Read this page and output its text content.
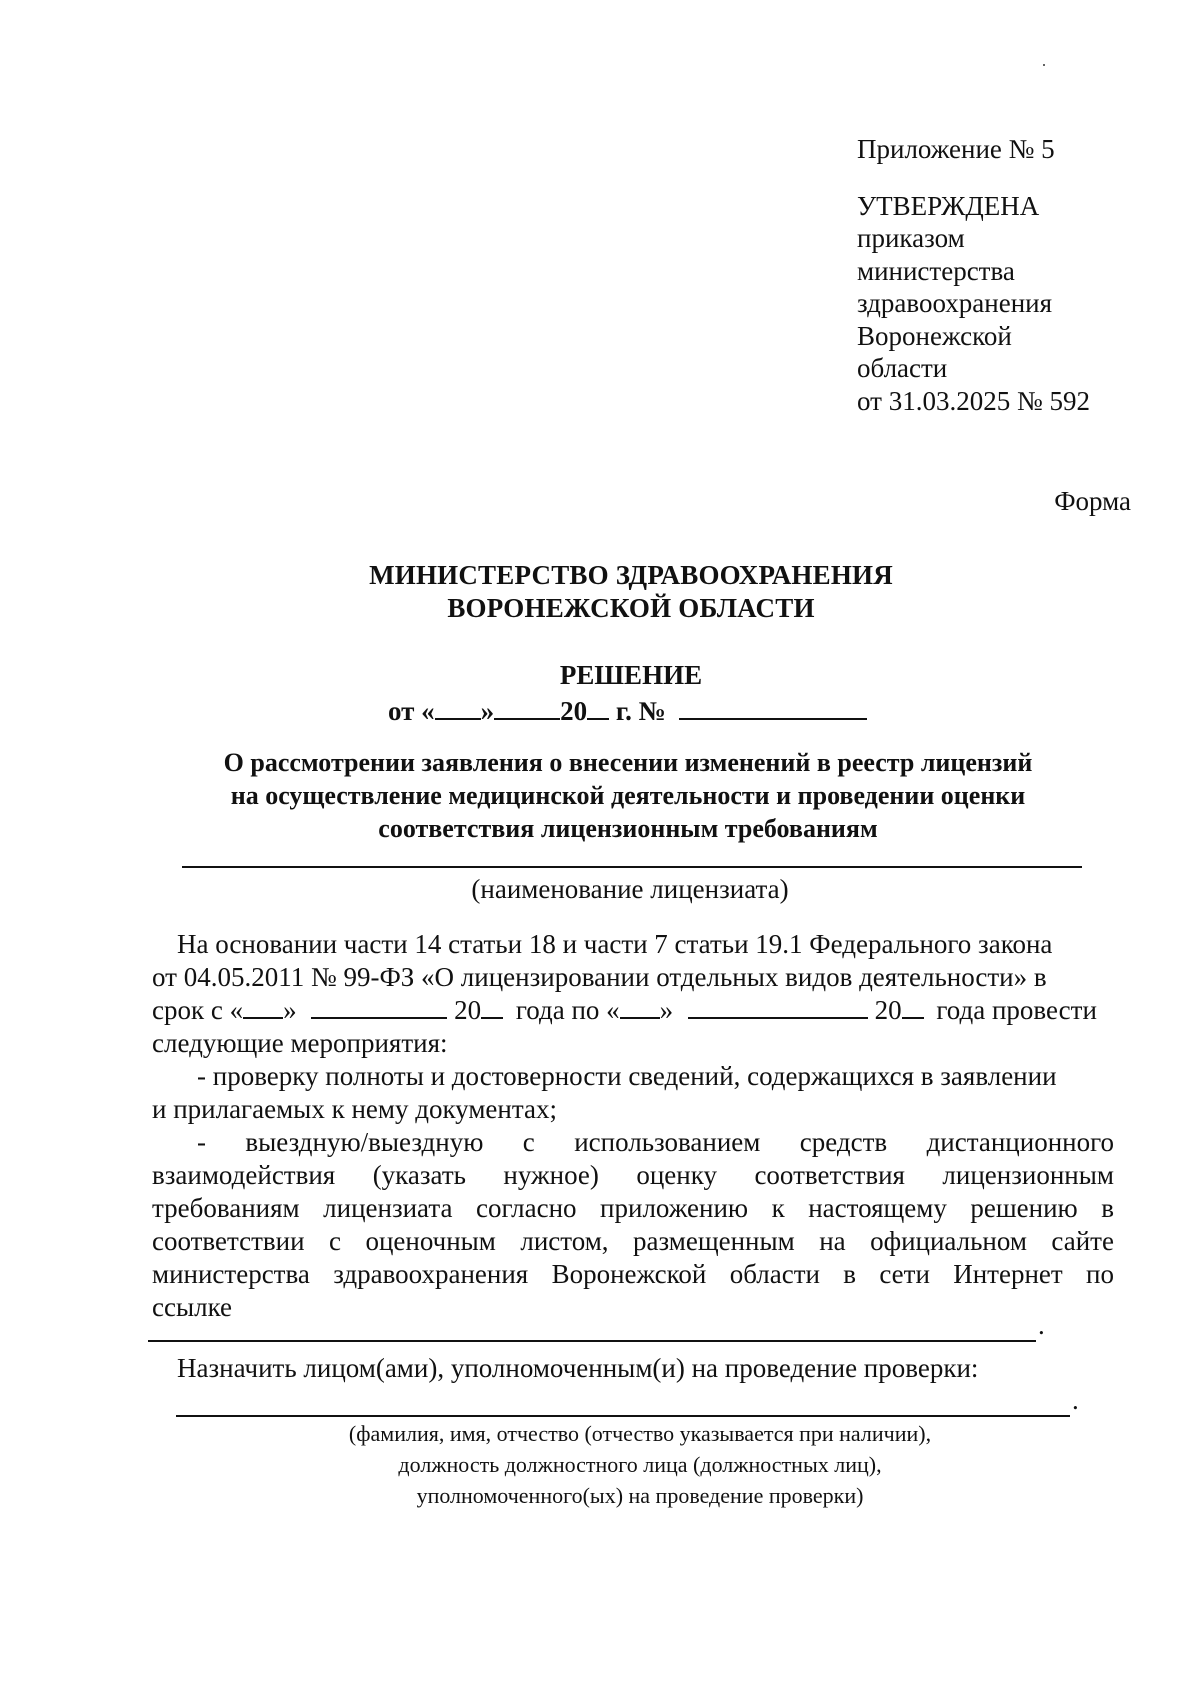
Приложение № 5
УТВЕРЖДЕНА
приказом
министерства
здравоохранения
Воронежской
области
от 31.03.2025 № 592
Форма
МИНИСТЕРСТВО ЗДРАВООХРАНЕНИЯ
ВОРОНЕЖСКОЙ ОБЛАСТИ
РЕШЕНИЕ
от « » 20 г. №
О рассмотрении заявления о внесении изменений в реестр лицензий
на осуществление медицинской деятельности и проведении оценки
соответствия лицензионным требованиям
(наименование лицензиата)
На основании части 14 статьи 18 и части 7 статьи 19.1 Федерального закона
от 04.05.2011 № 99-ФЗ «О лицензировании отдельных видов деятельности» в
срок с « »	20 года по « »	20 года провести
следующие мероприятия:
- проверку полноты и достоверности сведений, содержащихся в заявлении
и прилагаемых к нему документах;
- выездную/выездную с использованием средств дистанционного
взаимодействия (указать нужное) оценку соответствия лицензионным
требованиям лицензиата согласно приложению к настоящему решению в
соответствии с оценочным листом, размещенным на официальном сайте
министерства здравоохранения Воронежской области в сети Интернет по
ссылке
.
Назначить лицом(ами), уполномоченным(и) на проведение проверки:
.
(фамилия, имя, отчество (отчество указывается при наличии),
должность должностного лица (должностных лиц),
уполномоченного(ых) на проведение проверки)
